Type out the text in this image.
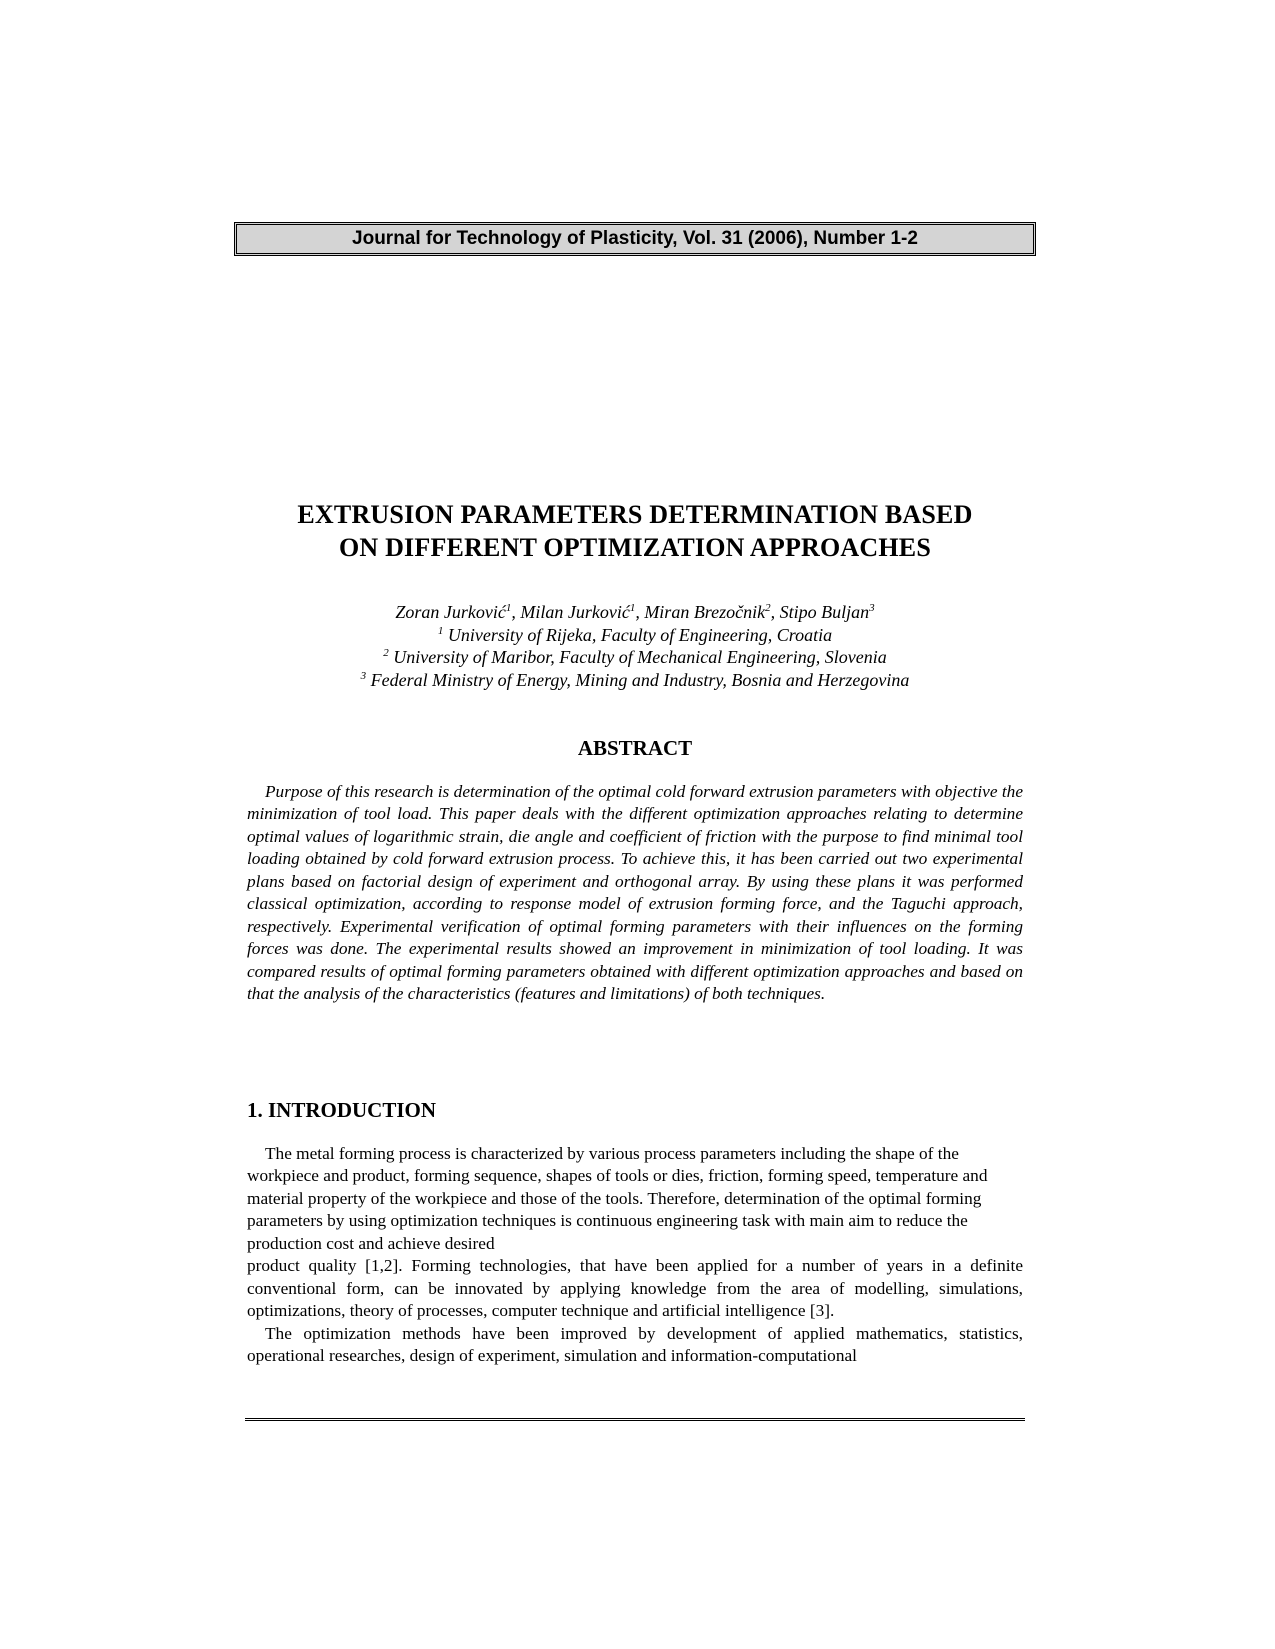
Journal for Technology of Plasticity, Vol. 31 (2006), Number 1-2
EXTRUSION PARAMETERS DETERMINATION BASED
ON DIFFERENT OPTIMIZATION APPROACHES
Zoran Jurković$^1$, Milan Jurković$^1$, Miran Brezočnik$^2$, Stipo Buljan$^3$
$^1$ University of Rijeka, Faculty of Engineering, Croatia
$^2$ University of Maribor, Faculty of Mechanical Engineering, Slovenia
$^3$ Federal Ministry of Energy, Mining and Industry, Bosnia and Herzegovina
ABSTRACT
Purpose of this research is determination of the optimal cold forward extrusion parameters with objective the minimization of tool load. This paper deals with the different optimization approaches relating to determine optimal values of logarithmic strain, die angle and coefficient of friction with the purpose to find minimal tool loading obtained by cold forward extrusion process. To achieve this, it has been carried out two experimental plans based on factorial design of experiment and orthogonal array. By using these plans it was performed classical optimization, according to response model of extrusion forming force, and the Taguchi approach, respectively. Experimental verification of optimal forming parameters with their influences on the forming forces was done. The experimental results showed an improvement in minimization of tool loading. It was compared results of optimal forming parameters obtained with different optimization approaches and based on that the analysis of the characteristics (features and limitations) of both techniques.
1. INTRODUCTION

The metal forming process is characterized by various process parameters including the shape of the workpiece and product, forming sequence, shapes of tools or dies, friction, forming speed, temperature and material property of the workpiece and those of the tools. Therefore, determination of the optimal forming parameters by using optimization techniques is continuous engineering task with main aim to reduce the production cost and achieve desired

product quality [1,2]. Forming technologies, that have been applied for a number of years in a definite conventional form, can be innovated by applying knowledge from the area of modelling, simulations, optimizations, theory of processes, computer technique and artificial intelligence [3].

The optimization methods have been improved by development of applied mathematics, statistics, operational researches, design of experiment, simulation and information-computational
